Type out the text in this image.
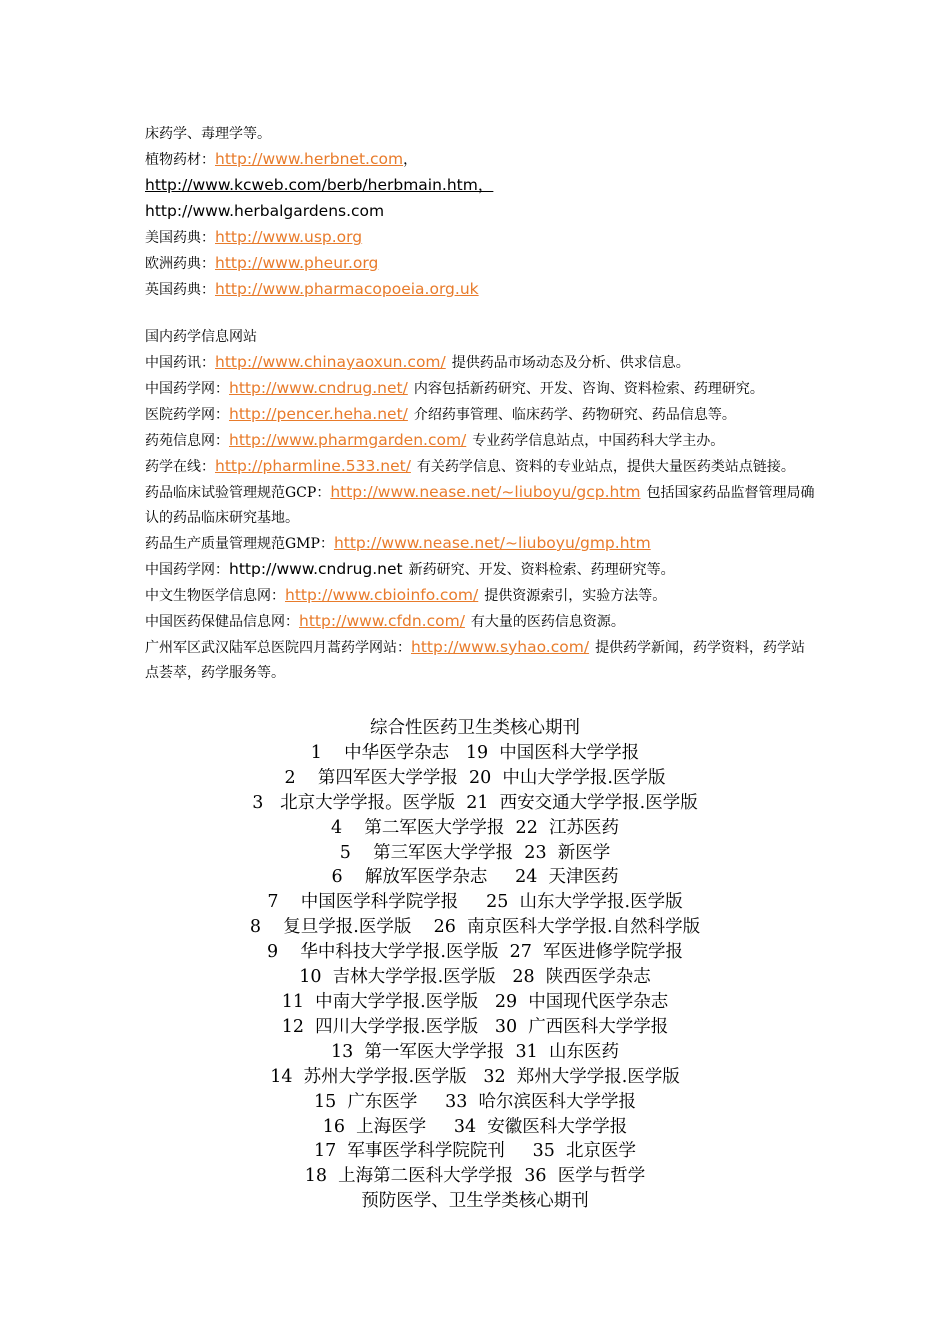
床药学、毒理学等。
植物药材：http://www.herbnet.com，
http://www.kcweb.com/berb/herbmain.htm，
http://www.herbalgardens.com
美国药典：http://www.usp.org
欧洲药典：http://www.pheur.org
英国药典：http://www.pharmacopoeia.org.uk
国内药学信息网站
中国药讯：http://www.chinayaoxun.com/ 提供药品市场动态及分析、供求信息。
中国药学网：http://www.cndrug.net/ 内容包括新药研究、开发、咨询、资料检索、药理研究。
医院药学网：http://pencer.heha.net/ 介绍药事管理、临床药学、药物研究、药品信息等。
药苑信息网：http://www.pharmgarden.com/ 专业药学信息站点，中国药科大学主办。
药学在线：http://pharmline.533.net/ 有关药学信息、资料的专业站点，提供大量医药类站点链接。
药品临床试验管理规范GCP：http://www.nease.net/~liuboyu/gcp.htm 包括国家药品监督管理局确认的药品临床研究基地。
药品生产质量管理规范GMP：http://www.nease.net/~liuboyu/gmp.htm
中国药学网：http://www.cndrug.net 新药研究、开发、资料检索、药理研究等。
中文生物医学信息网：http://www.cbioinfo.com/ 提供资源索引，实验方法等。
中国医药保健品信息网：http://www.cfdn.com/ 有大量的医药信息资源。
广州军区武汉陆军总医院四月蒿药学网站：http://www.syhao.com/ 提供药学新闻，药学资料，药学站点荟萃，药学服务等。
综合性医药卫生类核心期刊
1    中华医学杂志   19  中国医科大学学报
2    第四军医大学学报  20  中山大学学报.医学版
3   北京大学学报。医学版  21  西安交通大学学报.医学版
4    第二军医大学学报  22  江苏医药
5    第三军医大学学报  23  新医学
6    解放军医学杂志     24  天津医药
7    中国医学科学院学报     25  山东大学学报.医学版
8    复旦学报.医学版    26  南京医科大学学报.自然科学版
9    华中科技大学学报.医学版  27  军医进修学院学报
10  吉林大学学报.医学版   28  陕西医学杂志
11  中南大学学报.医学版   29  中国现代医学杂志
12  四川大学学报.医学版   30  广西医科大学学报
13  第一军医大学学报  31  山东医药
14  苏州大学学报.医学版   32  郑州大学学报.医学版
15  广东医学     33  哈尔滨医科大学学报
16  上海医学     34  安徽医科大学学报
17  军事医学科学院院刊     35  北京医学
18  上海第二医科大学学报  36  医学与哲学
预防医学、卫生学类核心期刊
